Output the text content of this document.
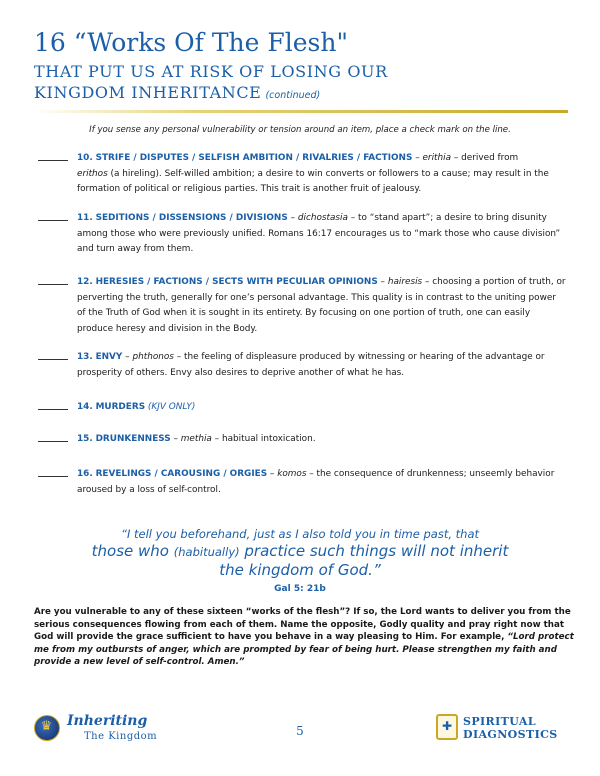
16 “Works Of The Flesh"
THAT PUT US AT RISK OF LOSING OUR
KINGDOM INHERITANCE (continued)
If you sense any personal vulnerability or tension around an item, place a check mark on the line.
10. STRIFE / DISPUTES / SELFISH AMBITION / RIVALRIES / FACTIONS – erithia – derived from
erithos (a hireling). Self-willed ambition; a desire to win converts or followers to a cause; may result in the formation of political or religious parties. This trait is another fruit of jealousy.
11. SEDITIONS / DISSENSIONS / DIVISIONS – dichostasia – to “stand apart”; a desire to bring disunity among those who were previously unified. Romans 16:17 encourages us to “mark those who cause division” and turn away from them.
12. HERESIES / FACTIONS / SECTS WITH PECULIAR OPINIONS – hairesis – choosing a portion of truth, or perverting the truth, generally for one’s personal advantage. This quality is in contrast to the uniting power of the Truth of God when it is sought in its entirety. By focusing on one portion of truth, one can easily produce heresy and division in the Body.
13. ENVY – phthonos – the feeling of displeasure produced by witnessing or hearing of the advantage or prosperity of others. Envy also desires to deprive another of what he has.
14. MURDERS (KJV ONLY)
15. DRUNKENNESS – methia – habitual intoxication.
16. REVELINGS / CAROUSING / ORGIES – komos – the consequence of drunkenness; unseemly behavior aroused by a loss of self-control.
“I tell you beforehand, just as I also told you in time past, that
those who (habitually) practice such things will not inherit
the kingdom of God.”
Gal 5: 21b
Are you vulnerable to any of these sixteen “works of the flesh”? If so, the Lord wants to deliver you from the serious consequences flowing from each of them. Name the opposite, Godly quality and pray right now that God will provide the grace sufficient to have you behave in a way pleasing to Him. For example, “Lord protect me from my outbursts of anger, which are prompted by fear of being hurt. Please strengthen my faith and provide a new level of self-control. Amen.”
♛
Inheriting
The Kingdom	5
✚
SPIRITUAL
DIAGNOSTICS
